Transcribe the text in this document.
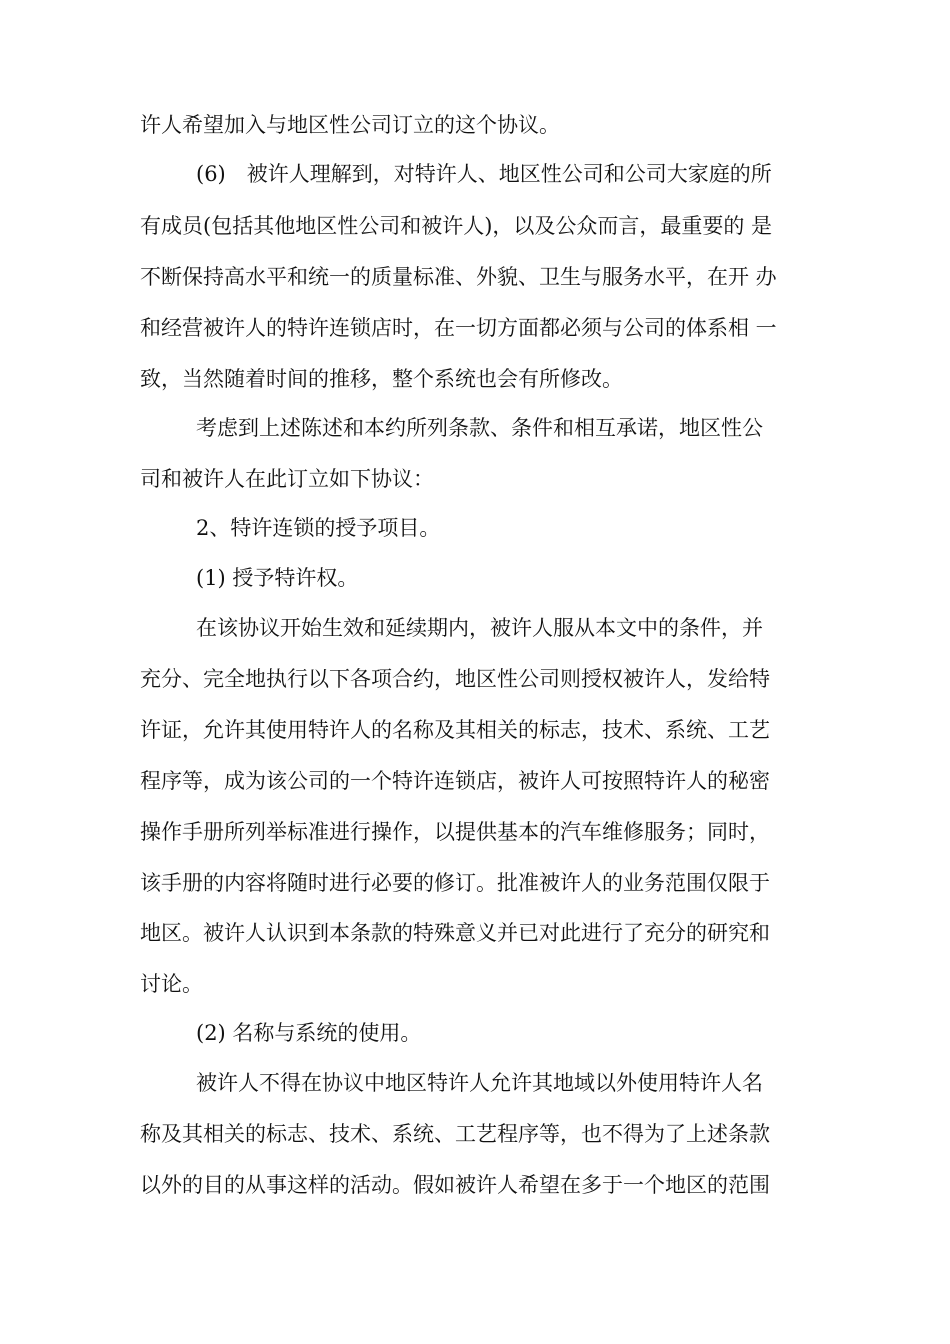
许人希望加入与地区性公司订立的这个协议。
(6)　被许人理解到，对特许人、地区性公司和公司大家庭的所
有成员(包括其他地区性公司和被许人)，以及公众而言，最重要的 是
不断保持高水平和统一的质量标准、外貌、卫生与服务水平，在开 办
和经营被许人的特许连锁店时，在一切方面都必须与公司的体系相 一
致，当然随着时间的推移，整个系统也会有所修改。
考虑到上述陈述和本约所列条款、条件和相互承诺，地区性公
司和被许人在此订立如下协议：
2、特许连锁的授予项目。
(1) 授予特许权。
在该协议开始生效和延续期内，被许人服从本文中的条件，并
充分、完全地执行以下各项合约，地区性公司则授权被许人，发给特
许证，允许其使用特许人的名称及其相关的标志，技术、系统、工艺
程序等，成为该公司的一个特许连锁店，被许人可按照特许人的秘密
操作手册所列举标准进行操作，以提供基本的汽车维修服务；同时，
该手册的内容将随时进行必要的修订。批准被许人的业务范围仅限于
地区。被许人认识到本条款的特殊意义并已对此进行了充分的研究和
讨论。
(2) 名称与系统的使用。
被许人不得在协议中地区特许人允许其地域以外使用特许人名
称及其相关的标志、技术、系统、工艺程序等，也不得为了上述条款
以外的目的从事这样的活动。假如被许人希望在多于一个地区的范围
